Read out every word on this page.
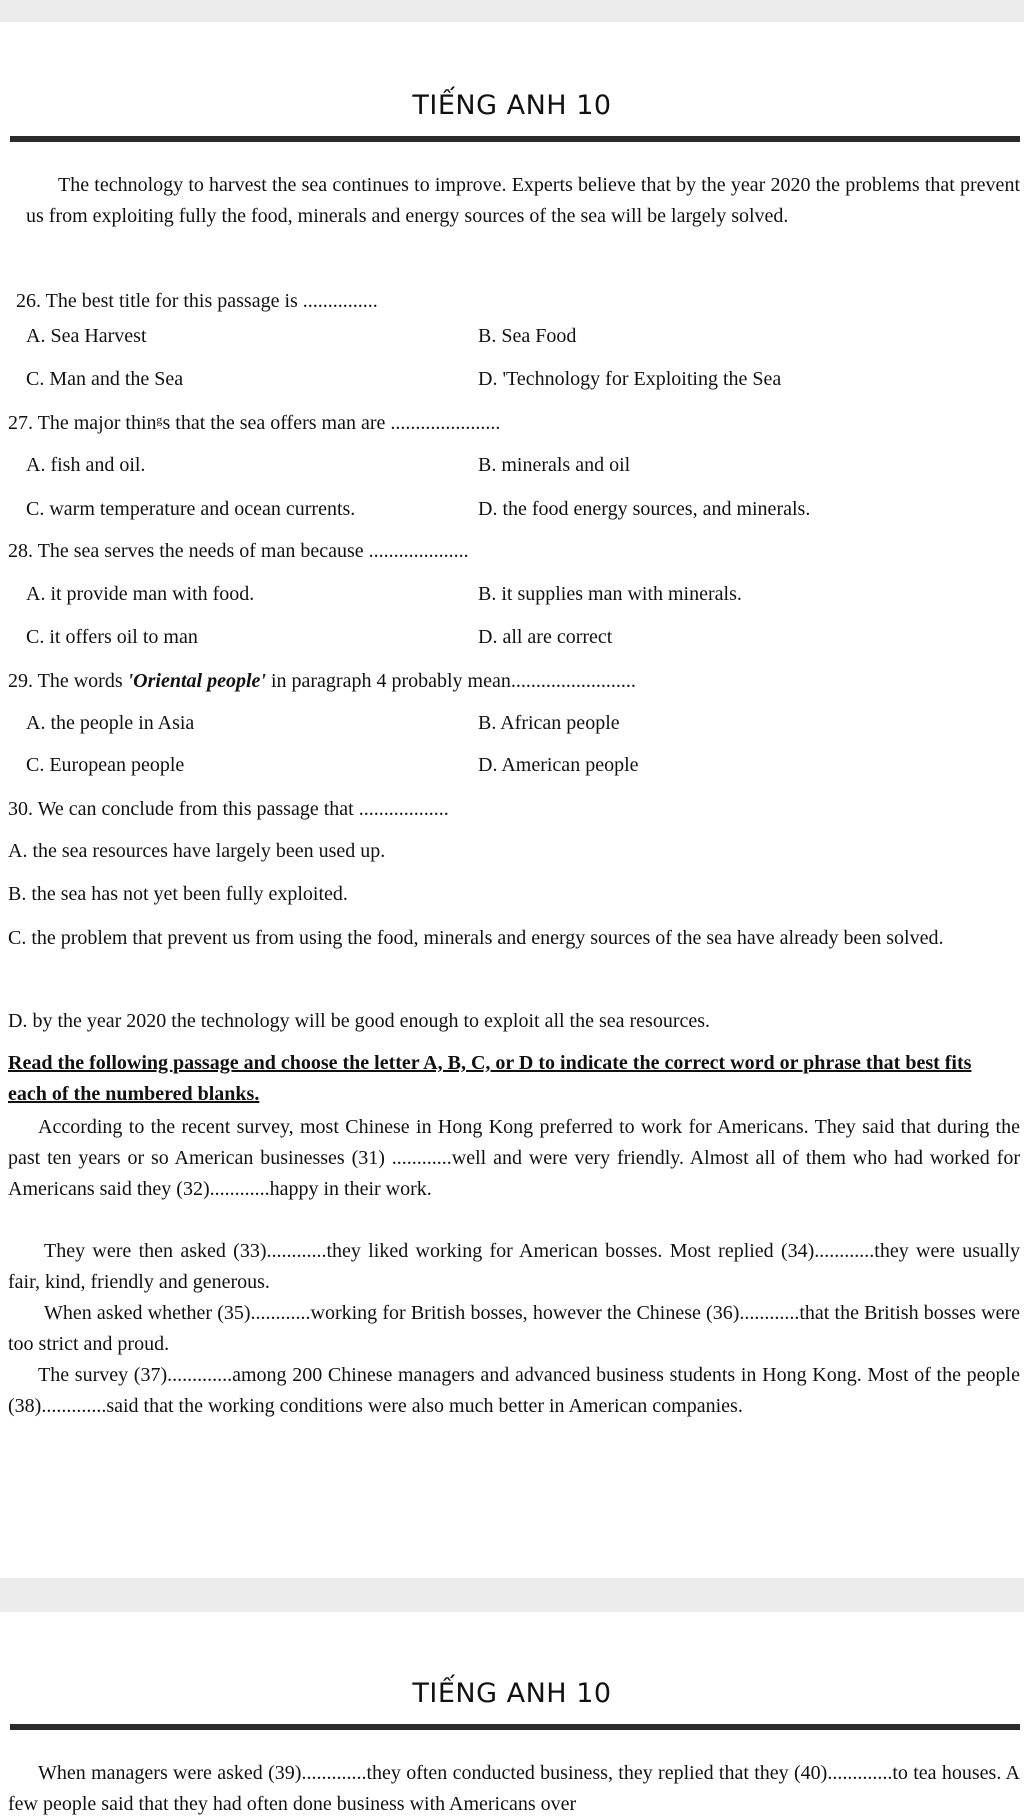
TIẾNG ANH 10
The technology to harvest the sea continues to improve. Experts believe that by the year 2020 the problems that prevent us from exploiting fully the food, minerals and energy sources of the sea will be largely solved.
26. The best title for this passage is ...............
A. Sea Harvest	B. Sea Food
C. Man and the Sea	D. 'Technology for Exploiting the Sea
27. The major thinᵍs that the sea offers man are ......................
A. fish and oil.	B. minerals and oil
C. warm temperature and ocean currents.	D. the food energy sources, and minerals.
28. The sea serves the needs of man because ....................
A. it provide man with food.	B. it supplies man with minerals.
C. it offers oil to man	D. all are correct
29. The words 'Oriental people' in paragraph 4 probably mean.........................
A. the people in Asia	B. African people
C. European people	D. American people
30. We can conclude from this passage that ..................
A. the sea resources have largely been used up.
B. the sea has not yet been fully exploited.
C. the problem that prevent us from using the food, minerals and energy sources of the sea have already been solved.
D. by the year 2020 the technology will be good enough to exploit all the sea resources.
Read the following passage and choose the letter A, B, C, or D to indicate the correct word or phrase that best fits each of the numbered blanks.
According to the recent survey, most Chinese in Hong Kong preferred to work for Americans. They said that during the past ten years or so American businesses (31) ............well and were very friendly. Almost all of them who had worked for Americans said they (32)............happy in their work.
They were then asked (33)............they liked working for American bosses. Most replied (34)............they were usually fair, kind, friendly and generous.
When asked whether (35)............working for British bosses, however the Chinese (36)............that the British bosses were too strict and proud.
The survey (37).............among 200 Chinese managers and advanced business students in Hong Kong. Most of the people (38).............said that the working conditions were also much better in American companies.
TIẾNG ANH 10
When managers were asked (39).............they often conducted business, they replied that they (40).............to tea houses. A few people said that they had often done business with Americans over
